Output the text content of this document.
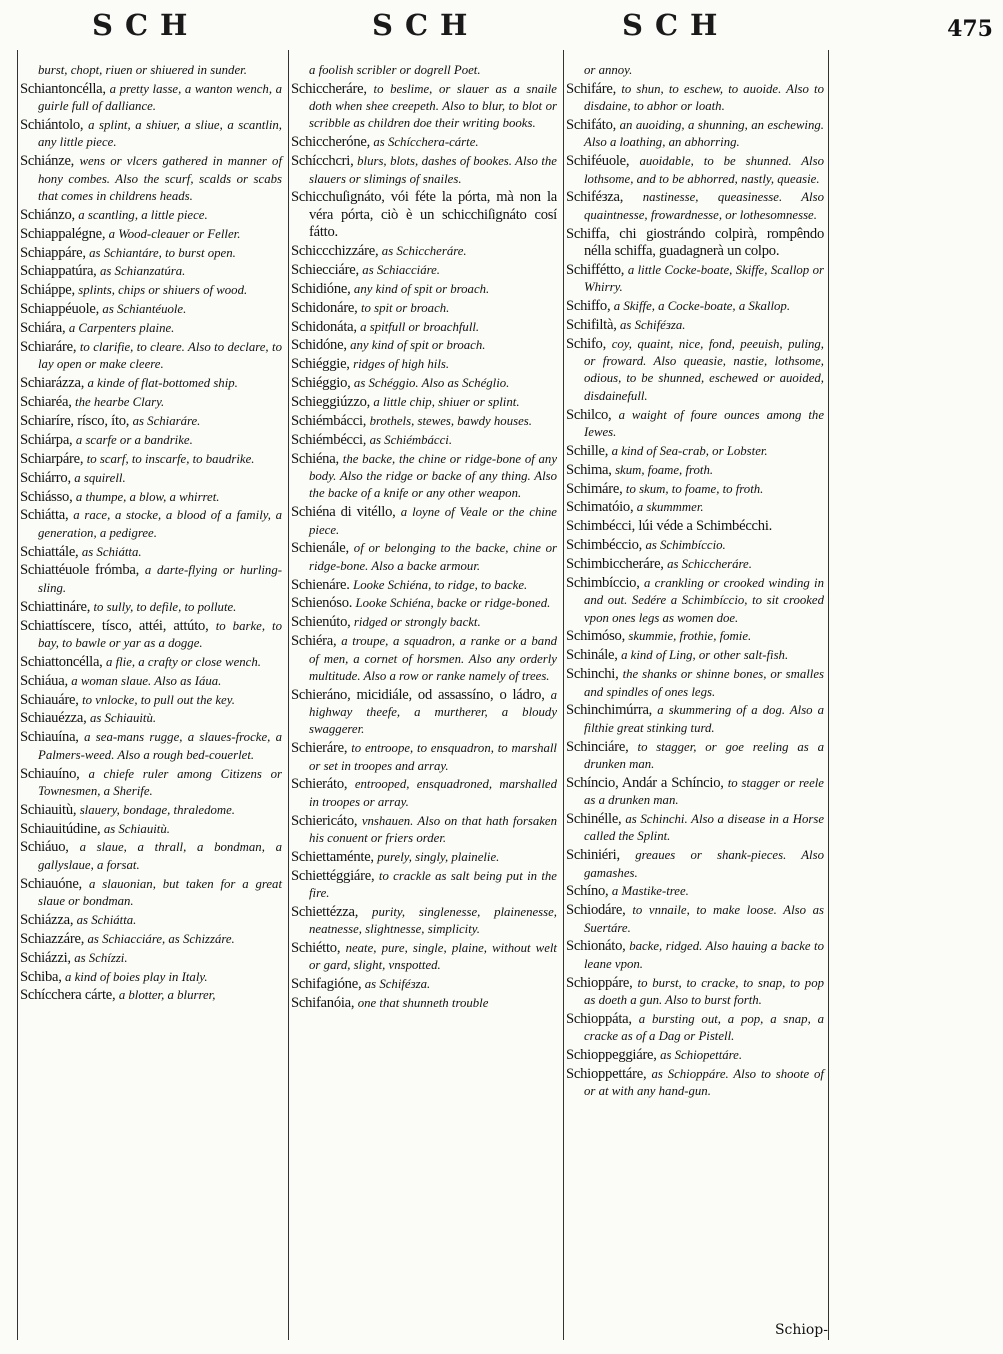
SCH	SCH	SCH	475

burst, chopt, riuen or shiuered in sunder.

Schiantoncéllа, a pretty lasse, a wanton wench, a guirle full of dalliance.

Schiántolo, a splint, a shiuer, a sliue, a scantlin, any little piece.

Schiánze, wens or vlcers gathered in manner of hony combes. Also the scurf, scalds or scabs that comes in childrens heads.

Schiánzo, a scantling, a little piece.

Schiappalégne, a Wood-cleauer or Feller.

Schiappáre, as Schiantáre, to burst open.

Schiappatúra, as Schianzatúra.

Schiáppe, splints, chips or shiuers of wood.

Schiappéuole, as Schiantéuole.

Schiára, a Carpenters plaine.

Schiaráre, to clarifie, to cleare. Also to declare, to lay open or make cleere.

Schiarázza, a kinde of flat-bottomed ship.

Schiaréa, the hearbe Clary.

Schiaríre, rísco, íto, as Schiaráre.

Schiárpa, a scarfe or a bandrike.

Schiarpáre, to scarf, to inscarfe, to baudrike.

Schiárro, a squirell.

Schiásso, a thumpe, a blow, a whirret.

Schiátta, a race, a stocke, a blood of a family, a generation, a pedigree.

Schiattále, as Schiátta.

Schiattéuole frómba, a darte-flying or hurling-sling.

Schiattináre, to sully, to defile, to pollute.

Schiattíscere, tísco, attéi, attúto, to barke, to bay, to bawle or yar as a dogge.

Schiattoncélla, a flie, a crafty or close wench.

Schiáua, a woman slaue. Also as Iáua.

Schiauáre, to vnlocke, to pull out the key.

Schiauézza, as Schiauitù.

Schiauína, a sea-mans rugge, a slaues-frocke, a Palmers-weed. Also a rough bed-couerlet.

Schiauíno, a chiefe ruler among Citizens or Townesmen, a Sherife.

Schiauitù, slauery, bondage, thraledome.

Schiauitúdine, as Schiauitù.

Schiáuo, a slaue, a thrall, a bondman, a gallyslaue, a forsat.

Schiauóne, a slauonian, but taken for a great slaue or bondman.

Schiázza, as Schiátta.

Schiazzáre, as Schiacciáre, as Schizzáre.

Schiázzi, as Schízzi.

Schiba, a kind of boies play in Italy.

Schícchera cárte, a blotter, a blurrer,

a foolish scribler or dogrell Poet.

Schiccheráre, to beslime, or slauer as a snaile doth when shee creepeth. Also to blur, to blot or scribble as children doe their writing books.

Schiccheróne, as Schícchera-cárte.

Schícchcri, blurs, blots, dashes of bookes. Also the slauers or slimings of snailes.

Schicchuſignáto, vói féte la pórta, mà non la véra pórta, ciò è un schicchiſignáto cosí fátto.

Schiccchizzáre, as Schiccheráre.

Schiecciáre, as Schiacciáre.

Schidióne, any kind of spit or broach.

Schidonáre, to spit or broach.

Schidonáta, a spitfull or broachfull.

Schidóne, any kind of spit or broach.

Schiéggie, ridges of high hils.

Schiéggio, as Schéggio. Also as Schéglio.

Schieggiúzzo, a little chip, shiuer or splint.

Schiémbácci, brothels, stewes, bawdy houses.

Schiémbécci, as Schiémbácci.

Schiéna, the backe, the chine or ridge-bone of any body. Also the ridge or backe of any thing. Also the backe of a knife or any other weapon.

Schiéna di vitéllo, a loyne of Veale or the chine piece.

Schienále, of or belonging to the backe, chine or ridge-bone. Also a backe armour.

Schienáre. Looke Schiéna, to ridge, to backe.

Schienóso. Looke Schiéna, backe or ridge-boned.

Schienúto, ridged or strongly backt.

Schiéra, a troupe, a squadron, a ranke or a band of men, a cornet of horsmen. Also any orderly multitude. Also a row or ranke namely of trees.

Schieráno, micidiále, od assassíno, o ládro, a highway theefe, a murtherer, a bloudy swaggerer.

Schieráre, to entroope, to ensquadron, to marshall or set in troopes and array.

Schieráto, entrooped, ensquadroned, marshalled in troopes or array.

Schiericáto, vnshauen. Also on that hath forsaken his conuent or friers order.

Schiettaménte, purely, singly, plainelie.

Schiettéggiáre, to crackle as salt being put in the fire.

Schiettézza, purity, singlenesse, plainenesse, neatnesse, slightnesse, simplicity.

Schiétto, neate, pure, single, plaine, without welt or gard, slight, vnspotted.

Schifagióne, as Schiféзza.

Schifanóia, one that shunneth trouble

or annoy.

Schifáre, to shun, to eschew, to auoide. Also to disdaine, to abhor or loath.

Schifáto, an auoiding, a shunning, an eschewing. Also a loathing, an abhorring.

Schiféuole, auoidable, to be shunned. Also lothsome, and to be abhorred, nastly, queasie.

Schiféзza, nastinesse, queasinesse. Also quaintnesse, frowardnesse, or lothesomnesse.

Schiffa, chi giostrándo colpirà, rompêndo nélla schiffa, guadagnerà un colpo.

Schiffétto, a little Cocke-boate, Skiffe, Scallop or Whirry.

Schiffo, a Skiffe, a Cocke-boate, a Skallop.

Schifiltà, as Schiféзza.

Schifo, coy, quaint, nice, fond, peeuish, puling, or froward. Also queasie, nastie, lothsome, odious, to be shunned, eschewed or auoided, disdainefull.

Schilco, a waight of foure ounces among the Iewes.

Schille, a kind of Sea-crab, or Lobster.

Schima, skum, foame, froth.

Schimáre, to skum, to foame, to froth.

Schimatóio, a skummmer.

Schimbécci, lúi véde a Schimbécchi.

Schimbéccio, as Schimbíccio.

Schimbiccheráre, as Schiccheráre.

Schimbíccio, a crankling or crooked winding in and out. Sedére a Schimbíccio, to sit crooked vpon ones legs as women doe.

Schimóso, skummie, frothie, fomie.

Schinále, a kind of Ling, or other salt-fish.

Schinchi, the shanks or shinne bones, or smalles and spindles of ones legs.

Schinchimúrra, a skummering of a dog. Also a filthie great stinking turd.

Schinciáre, to stagger, or goe reeling as a drunken man.

Schíncio, Andár a Schíncio, to stagger or reele as a drunken man.

Schinélle, as Schinchi. Also a disease in a Horse called the Splint.

Schiniéri, greaues or shank-pieces. Also gamashes.

Schíno, a Mastike-tree.

Schiodáre, to vnnaile, to make loose. Also as Suertáre.

Schionáto, backe, ridged. Also hauing a backe to leane vpon.

Schioppáre, to burst, to cracke, to snap, to pop as doeth a gun. Also to burst forth.

Schioppáta, a bursting out, a pop, a snap, a cracke as of a Dag or Pistell.

Schioppeggiáre, as Schiopettáre.

Schioppettáre, as Schioppáre. Also to shoote of or at with any hand-gun.

Schiop-
